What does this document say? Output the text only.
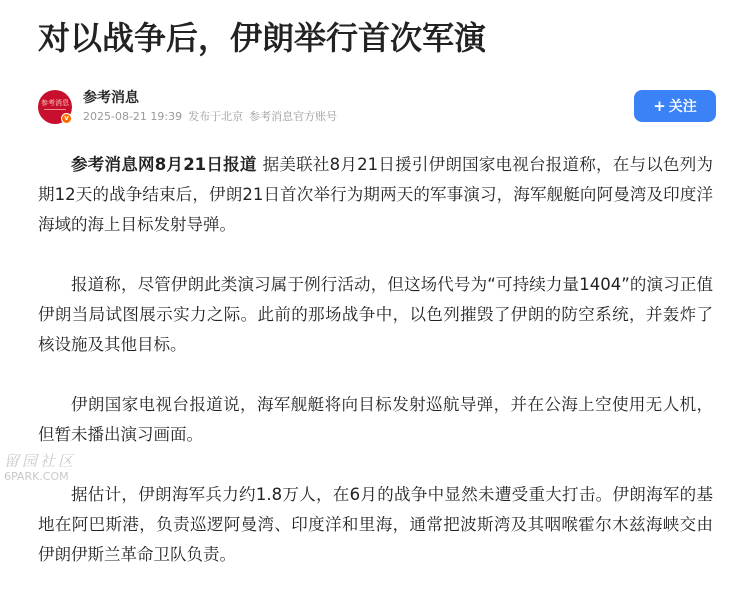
对以战争后，伊朗举行首次军演
参考消息
v
参考消息
2025-08-21 19:39 发布于北京 参考消息官方账号
+ 关注

参考消息网8月21日报道 据美联社8月21日援引伊朗国家电视台报道称，在与以色列为期12天的战争结束后，伊朗21日首次举行为期两天的军事演习，海军舰艇向阿曼湾及印度洋海域的海上目标发射导弹。

报道称，尽管伊朗此类演习属于例行活动，但这场代号为“可持续力量1404”的演习正值伊朗当局试图展示实力之际。此前的那场战争中，以色列摧毁了伊朗的防空系统，并轰炸了核设施及其他目标。

伊朗国家电视台报道说，海军舰艇将向目标发射巡航导弹，并在公海上空使用无人机，但暂未播出演习画面。

据估计，伊朗海军兵力约1.8万人，在6月的战争中显然未遭受重大打击。伊朗海军的基地在阿巴斯港，负责巡逻阿曼湾、印度洋和里海，通常把波斯湾及其咽喉霍尔木兹海峡交由伊朗伊斯兰革命卫队负责。

留园社区
6PARK.COM
